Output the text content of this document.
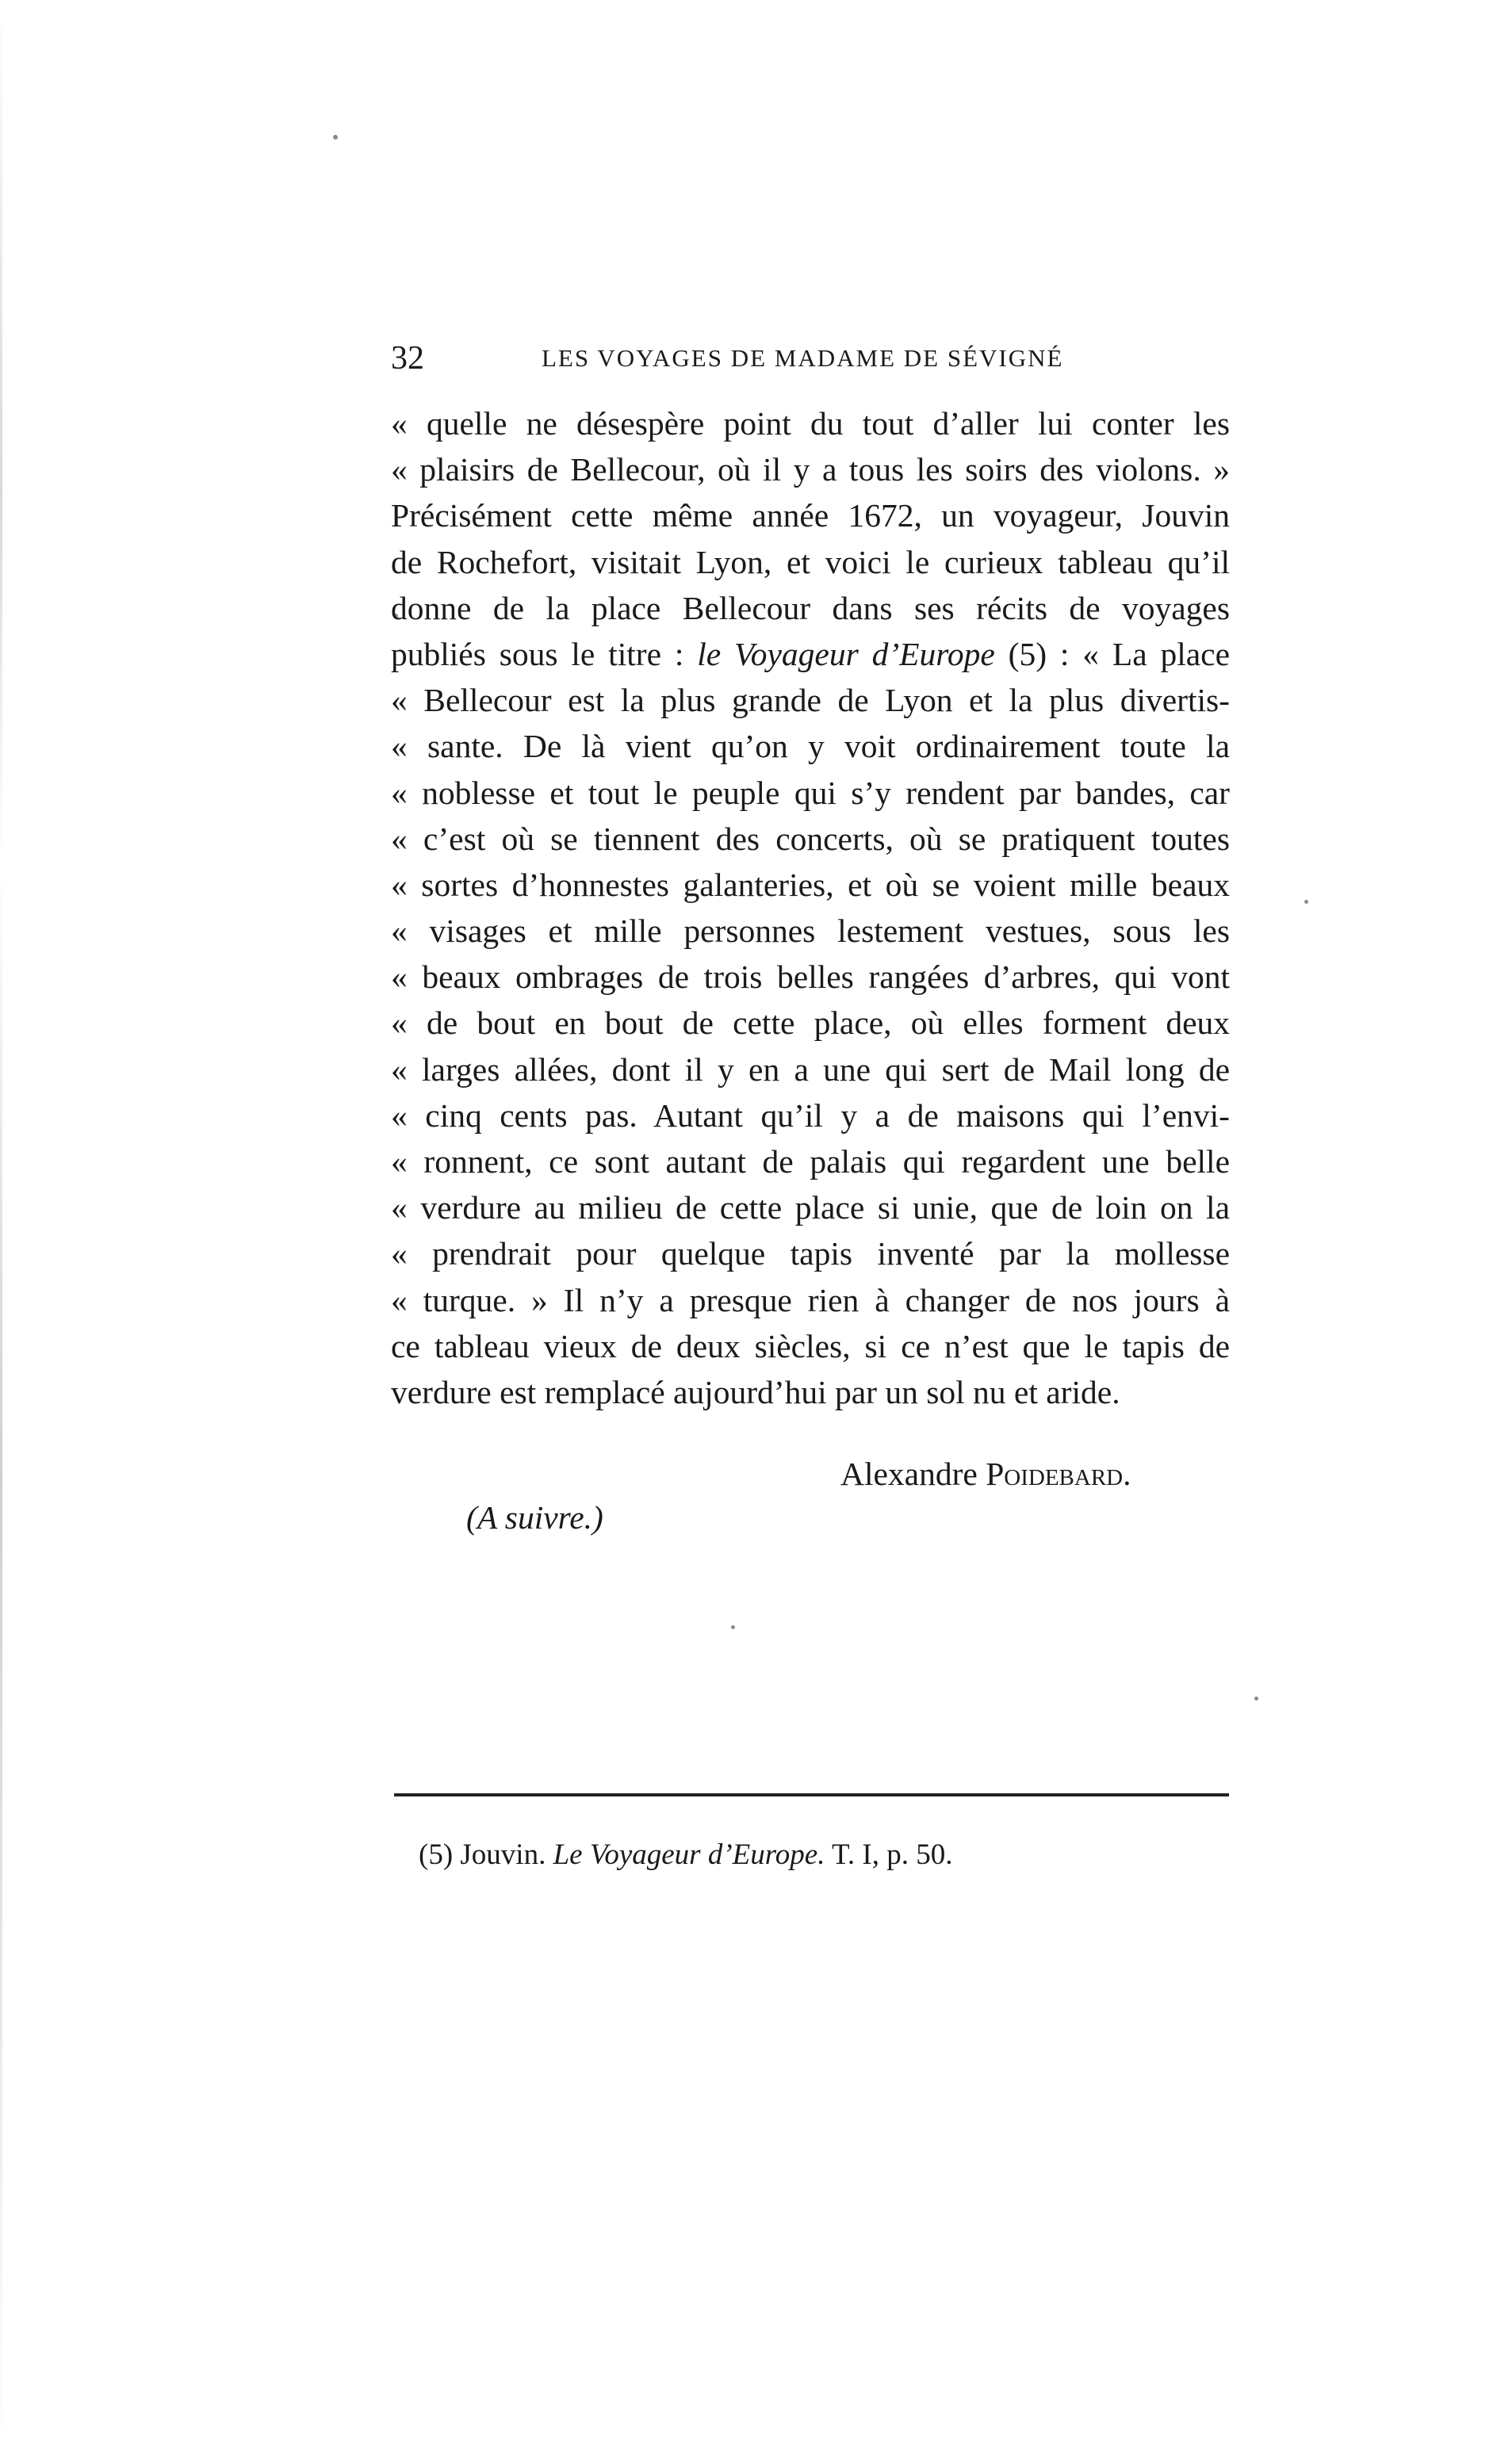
32	LES VOYAGES DE MADAME DE SÉVIGNÉ
« quelle ne désespère point du tout d’aller lui conter les
« plaisirs de Bellecour, où il y a tous les soirs des violons. »
Précisément cette même année 1672, un voyageur, Jouvin
de Rochefort, visitait Lyon, et voici le curieux tableau qu’il
donne de la place Bellecour dans ses récits de voyages
publiés sous le titre : le Voyageur d’Europe (5) : « La place
« Bellecour est la plus grande de Lyon et la plus divertis-
« sante. De là vient qu’on y voit ordinairement toute la
« noblesse et tout le peuple qui s’y rendent par bandes, car
« c’est où se tiennent des concerts, où se pratiquent toutes
« sortes d’honnestes galanteries, et où se voient mille beaux
« visages et mille personnes lestement vestues, sous les
« beaux ombrages de trois belles rangées d’arbres, qui vont
« de bout en bout de cette place, où elles forment deux
« larges allées, dont il y en a une qui sert de Mail long de
« cinq cents pas. Autant qu’il y a de maisons qui l’envi-
« ronnent, ce sont autant de palais qui regardent une belle
« verdure au milieu de cette place si unie, que de loin on la
« prendrait pour quelque tapis inventé par la mollesse
« turque. » Il n’y a presque rien à changer de nos jours à
ce tableau vieux de deux siècles, si ce n’est que le tapis de
verdure est remplacé aujourd’hui par un sol nu et aride.
Alexandre Poidebard.
(A suivre.)
(5) Jouvin. Le Voyageur d’Europe. T. I, p. 50.
